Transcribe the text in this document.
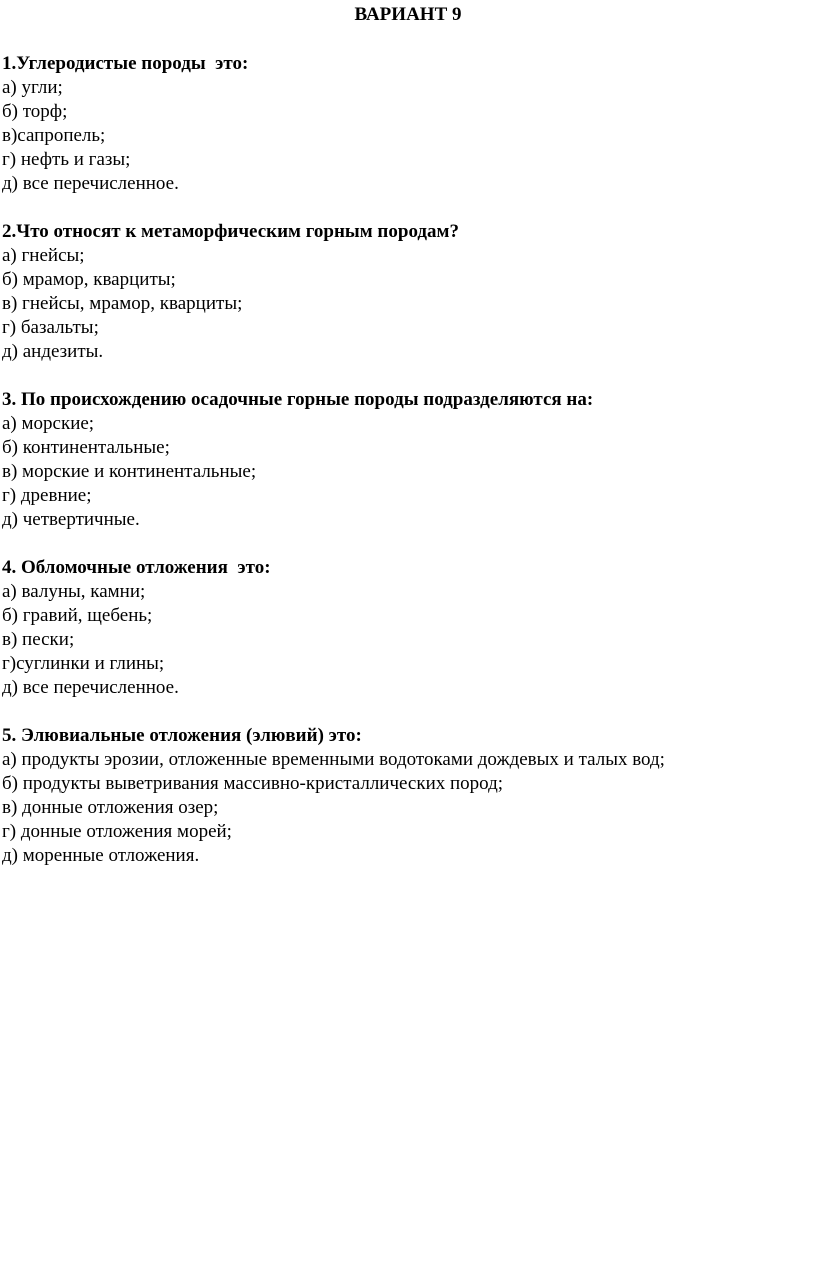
ВАРИАНТ 9
1.Углеродистые породы  это:
а) угли;
б) торф;
в)сапропель;
г) нефть и газы;
д) все перечисленное.
2.Что относят к метаморфическим горным породам?
а) гнейсы;
б) мрамор, кварциты;
в) гнейсы, мрамор, кварциты;
г) базальты;
д) андезиты.
3. По происхождению осадочные горные породы подразделяются на:
а) морские;
б) континентальные;
в) морские и континентальные;
г) древние;
д) четвертичные.
4. Обломочные отложения  это:
а) валуны, камни;
б) гравий, щебень;
в) пески;
г)суглинки и глины;
д) все перечисленное.
5. Элювиальные отложения (элювий) это:
а) продукты эрозии, отложенные временными водотоками дождевых и талых вод;
б) продукты выветривания массивно-кристаллических пород;
в) донные отложения озер;
г) донные отложения морей;
д) моренные отложения.
